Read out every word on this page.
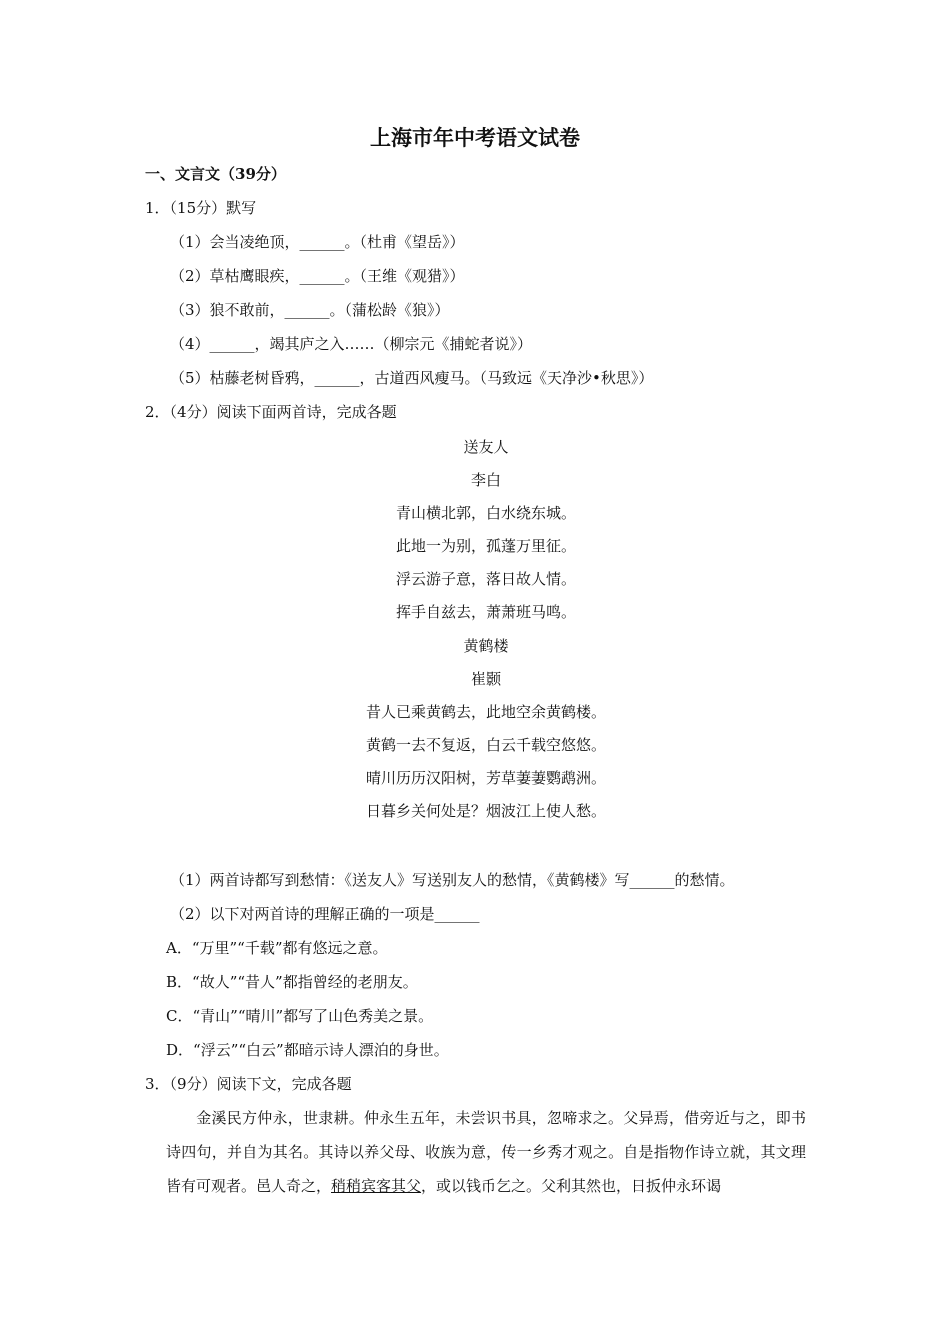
上海市年中考语文试卷
一、文言文（39分）
1．（15分）默写
（1）会当凌绝顶，______。（杜甫《望岳》）
（2）草枯鹰眼疾，______。（王维《观猎》）
（3）狼不敢前，______。（蒲松龄《狼》）
（4）______，竭其庐之入……（柳宗元《捕蛇者说》）
（5）枯藤老树昏鸦，______，古道西风瘦马。（马致远《天净沙•秋思》）
2．（4分）阅读下面两首诗，完成各题
送友人
李白
青山横北郭，白水绕东城。
此地一为别，孤蓬万里征。
浮云游子意，落日故人情。
挥手自兹去，萧萧班马鸣。
黄鹤楼
崔颢
昔人已乘黄鹤去，此地空余黄鹤楼。
黄鹤一去不复返，白云千载空悠悠。
晴川历历汉阳树，芳草萋萋鹦鹉洲。
日暮乡关何处是？烟波江上使人愁。
（1）两首诗都写到愁情：《送友人》写送别友人的愁情，《黄鹤楼》写______的愁情。
（2）以下对两首诗的理解正确的一项是______
A．“万里”“千载”都有悠远之意。
B．“故人”“昔人”都指曾经的老朋友。
C．“青山”“晴川”都写了山色秀美之景。
D．“浮云”“白云”都暗示诗人漂泊的身世。
3．（9分）阅读下文，完成各题
金溪民方仲永，世隶耕。仲永生五年，未尝识书具，忽啼求之。父异焉，借旁近与之，即书诗四句，并自为其名。其诗以养父母、收族为意，传一乡秀才观之。自是指物作诗立就，其文理皆有可观者。邑人奇之，稍稍宾客其父，或以钱币乞之。父利其然也，日扳仲永环谒
